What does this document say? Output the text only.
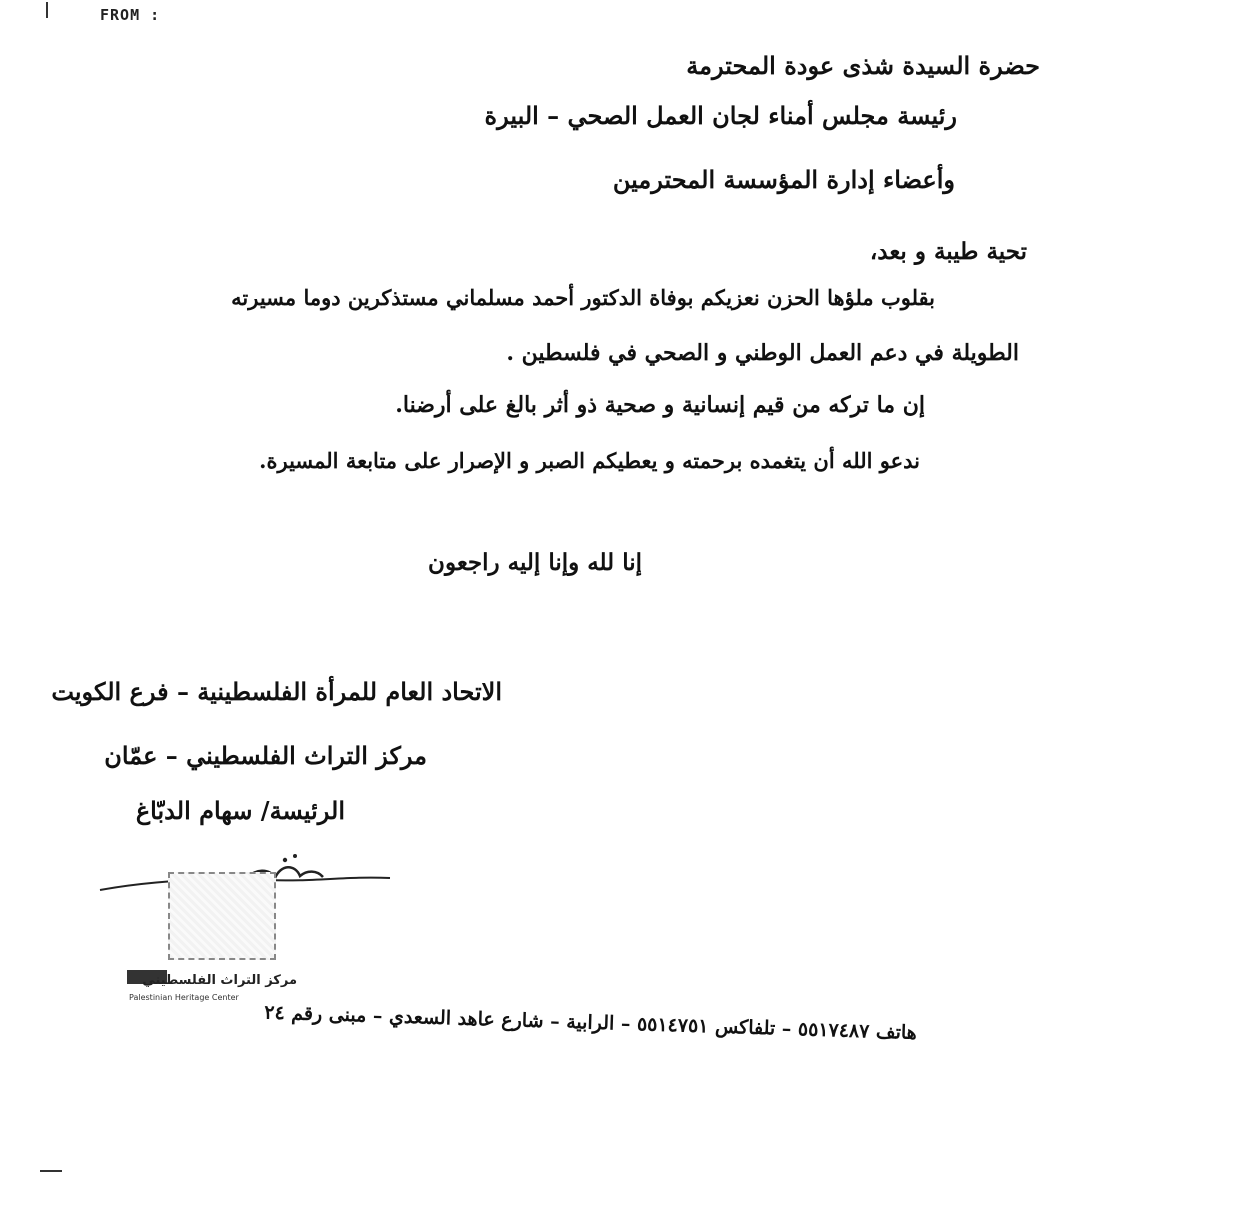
FROM :
حضرة السيدة شذى عودة المحترمة
رئيسة مجلس أمناء لجان العمل الصحي – البيرة
وأعضاء إدارة المؤسسة المحترمين
تحية طيبة و بعد،
بقلوب ملؤها الحزن نعزيكم بوفاة الدكتور أحمد مسلماني مستذكرين دوما مسيرته
الطويلة في دعم العمل الوطني و الصحي في فلسطين .
إن ما تركه من قيم إنسانية و صحية ذو أثر بالغ على أرضنا.
ندعو الله أن يتغمده برحمته و يعطيكم الصبر و الإصرار على متابعة المسيرة.
إنا لله وإنا إليه راجعون
الاتحاد العام للمرأة الفلسطينية – فرع الكويت
مركز التراث الفلسطيني – عمّان
الرئيسة/ سهام الدبّاغ
مركز التراث الفلسطيني
Palestinian Heritage Center
هاتف ٥٥١٧٤٨٧ – تلفاكس ٥٥١٤٧٥١ – الرابية – شارع عاهد السعدي – مبنى رقم ٢٤
